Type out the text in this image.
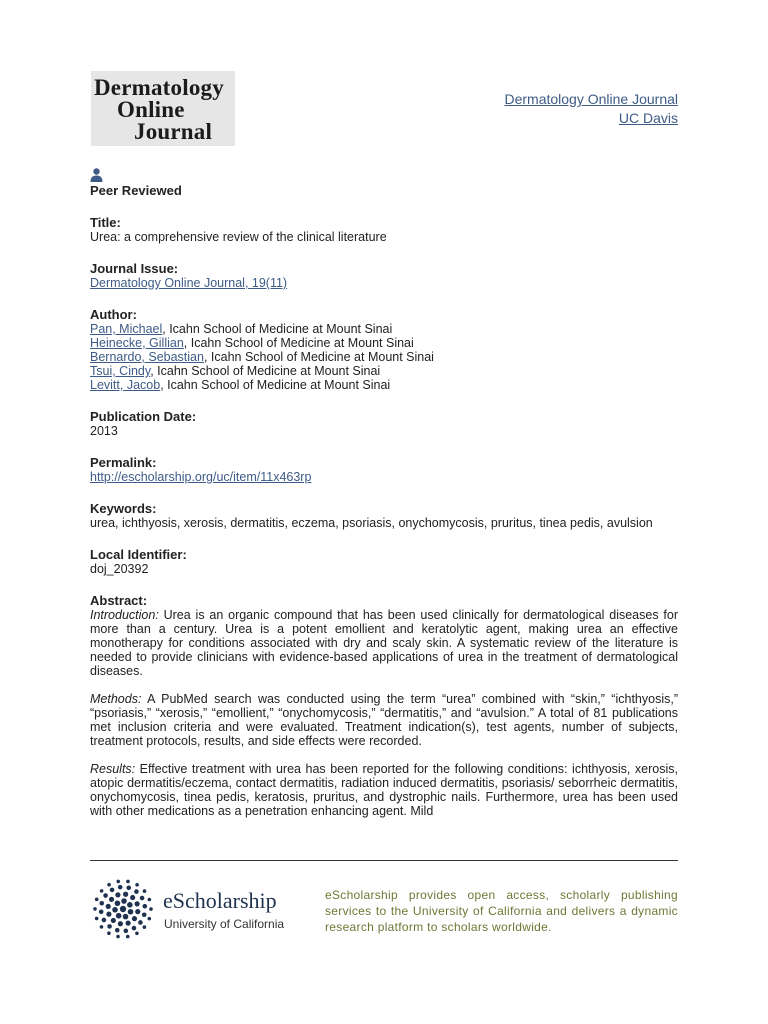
Dermatology
Online
Journal
Dermatology Online Journal
UC Davis
Peer Reviewed
Title:
Urea: a comprehensive review of the clinical literature
Journal Issue:
Dermatology Online Journal, 19(11)
Author:
Pan, Michael, Icahn School of Medicine at Mount Sinai
Heinecke, Gillian, Icahn School of Medicine at Mount Sinai
Bernardo, Sebastian, Icahn School of Medicine at Mount Sinai
Tsui, Cindy, Icahn School of Medicine at Mount Sinai
Levitt, Jacob, Icahn School of Medicine at Mount Sinai
Publication Date:
2013
Permalink:
http://escholarship.org/uc/item/11x463rp
Keywords:
urea, ichthyosis, xerosis, dermatitis, eczema, psoriasis, onychomycosis, pruritus, tinea pedis, avulsion
Local Identifier:
doj_20392
Abstract:
Introduction: Urea is an organic compound that has been used clinically for dermatological diseases for more than a century. Urea is a potent emollient and keratolytic agent, making urea an effective monotherapy for conditions associated with dry and scaly skin. A systematic review of the literature is needed to provide clinicians with evidence-based applications of urea in the treatment of dermatological diseases.
Methods: A PubMed search was conducted using the term “urea” combined with “skin,” “ichthyosis,” “psoriasis,” “xerosis,” “emollient,” “onychomycosis,” “dermatitis,” and “avulsion.” A total of 81 publications met inclusion criteria and were evaluated. Treatment indication(s), test agents, number of subjects, treatment protocols, results, and side effects were recorded.
Results: Effective treatment with urea has been reported for the following conditions: ichthyosis, xerosis, atopic dermatitis/eczema, contact dermatitis, radiation induced dermatitis, psoriasis/ seborrheic dermatitis, onychomycosis, tinea pedis, keratosis, pruritus, and dystrophic nails. Furthermore, urea has been used with other medications as a penetration enhancing agent. Mild
eScholarship
University of California
eScholarship provides open access, scholarly publishing services to the University of California and delivers a dynamic research platform to scholars worldwide.
